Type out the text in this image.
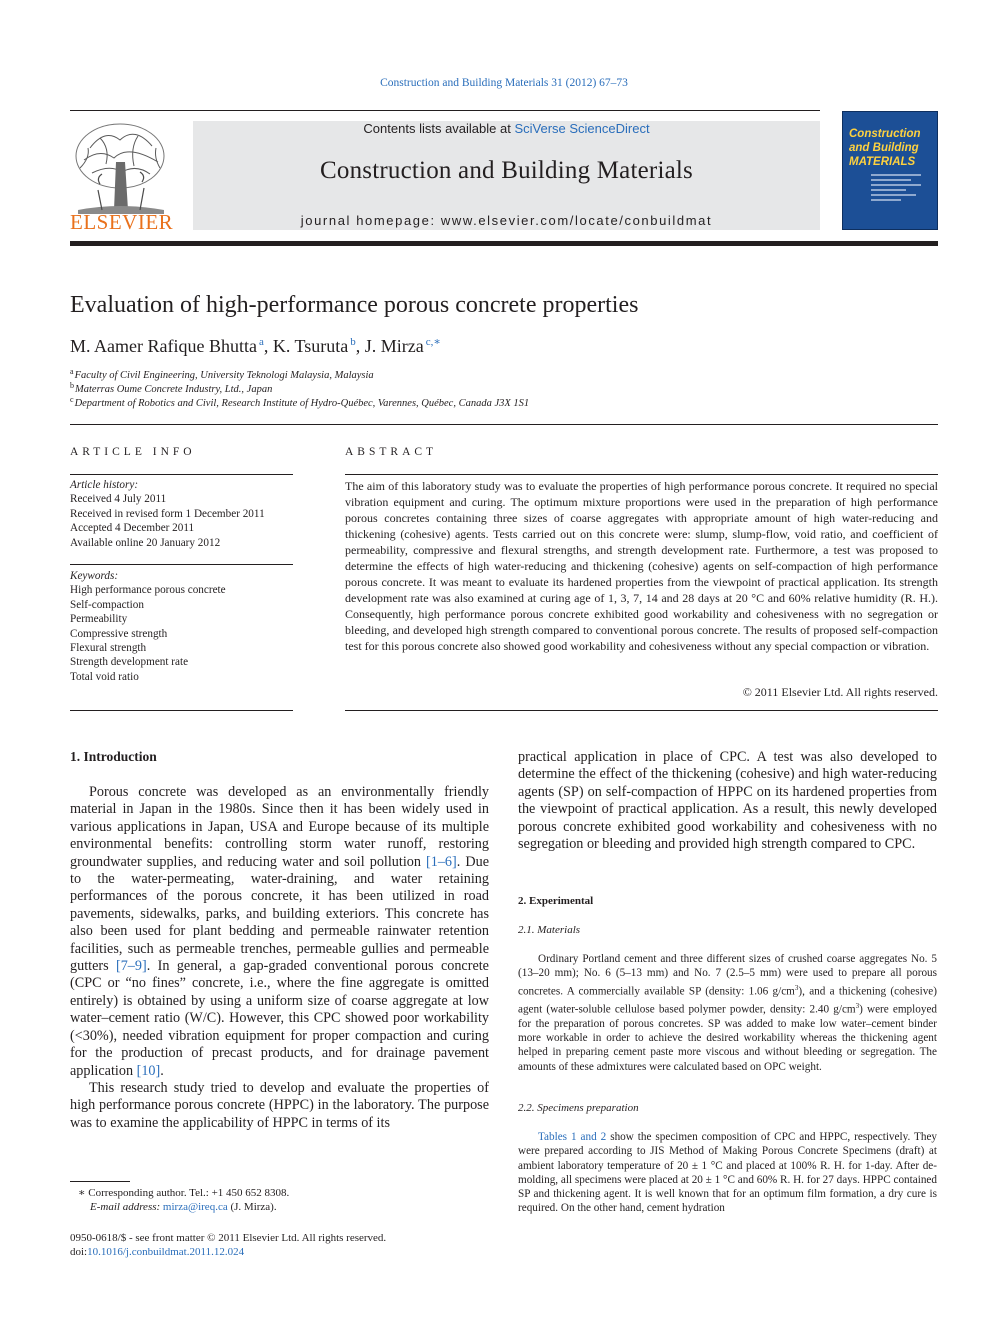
Construction and Building Materials 31 (2012) 67–73
ELSEVIER
Contents lists available at SciVerse ScienceDirect
Construction and Building Materials
journal homepage: www.elsevier.com/locate/conbuildmat
Construction
and Building
MATERIALS
Evaluation of high-performance porous concrete properties
M. Aamer Rafique Bhutta $^a$, K. Tsuruta $^b$, J. Mirza $^{c,∗}$
$^a$Faculty of Civil Engineering, University Teknologi Malaysia, Malaysia
$^b$Materras Oume Concrete Industry, Ltd., Japan
$^c$Department of Robotics and Civil, Research Institute of Hydro-Québec, Varennes, Québec, Canada J3X 1S1
ARTICLE INFO	ABSTRACT
Article history:
Received 4 July 2011
Received in revised form 1 December 2011
Accepted 4 December 2011
Available online 20 January 2012
Keywords:
High performance porous concrete
Self-compaction
Permeability
Compressive strength
Flexural strength
Strength development rate
Total void ratio
The aim of this laboratory study was to evaluate the properties of high performance porous concrete. It required no special vibration equipment and curing. The optimum mixture proportions were used in the preparation of high performance porous concretes containing three sizes of coarse aggregates with appropriate amount of high water-reducing and thickening (cohesive) agents. Tests carried out on this concrete were: slump, slump-flow, void ratio, and coefficient of permeability, compressive and flexural strengths, and strength development rate. Furthermore, a test was proposed to determine the effects of high water-reducing and thickening (cohesive) agents on self-compaction of high performance porous concrete. It was meant to evaluate its hardened properties from the viewpoint of practical application. Its strength development rate was also examined at curing age of 1, 3, 7, 14 and 28 days at 20 °C and 60% relative humidity (R. H.). Consequently, high performance porous concrete exhibited good workability and cohesiveness with no segregation or bleeding, and developed high strength compared to conventional porous concrete. The results of proposed self-compaction test for this porous concrete also showed good workability and cohesiveness without any special compaction or vibration.
© 2011 Elsevier Ltd. All rights reserved.
1. Introduction

Porous concrete was developed as an environmentally friendly material in Japan in the 1980s. Since then it has been widely used in various applications in Japan, USA and Europe because of its multiple environmental benefits: controlling storm water runoff, restoring groundwater supplies, and reducing water and soil pollution [1–6]. Due to the water-permeating, water-draining, and water retaining performances of the porous concrete, it has been utilized in road pavements, sidewalks, parks, and building exteriors. This concrete has also been used for plant bedding and permeable rainwater retention facilities, such as permeable trenches, permeable gullies and permeable gutters [7–9]. In general, a gap-graded conventional porous concrete (CPC or “no fines” concrete, i.e., where the fine aggregate is omitted entirely) is obtained by using a uniform size of coarse aggregate at low water–cement ratio (W/C). However, this CPC showed poor workability (<30%), needed vibration equipment for proper compaction and curing for the production of precast products, and for drainage pavement application [10].

This research study tried to develop and evaluate the properties of high performance porous concrete (HPPC) in the laboratory. The purpose was to examine the applicability of HPPC in terms of its

practical application in place of CPC. A test was also developed to determine the effect of the thickening (cohesive) and high water-reducing agents (SP) on self-compaction of HPPC on its hardened properties from the viewpoint of practical application. As a result, this newly developed porous concrete exhibited good workability and cohesiveness with no segregation or bleeding and provided high strength compared to CPC.
2. Experimental
2.1. Materials

Ordinary Portland cement and three different sizes of crushed coarse aggregates No. 5 (13–20 mm); No. 6 (5–13 mm) and No. 7 (2.5–5 mm) were used to prepare all porous concretes. A commercially available SP (density: 1.06 $g/cm^3$), and a thickening (cohesive) agent (water-soluble cellulose based polymer powder, density: 2.40 $g/cm^3$) were employed for the preparation of porous concretes. SP was added to make low water–cement binder more workable in order to achieve the desired workability whereas the thickening agent helped in preparing cement paste more viscous and without bleeding or segregation. The amounts of these admixtures were calculated based on OPC weight.

2.2. Specimens preparation

Tables 1 and 2 show the specimen composition of CPC and HPPC, respectively. They were prepared according to JIS Method of Making Porous Concrete Specimens (draft) at ambient laboratory temperature of 20 ± 1 °C and placed at 100% R. H. for 1-day. After de-molding, all specimens were placed at 20 ± 1 °C and 60% R. H. for 27 days. HPPC contained SP and thickening agent. It is well known that for an optimum film formation, a dry cure is required. On the other hand, cement hydration

∗ Corresponding author. Tel.: +1 450 652 8308.
E-mail address: mirza@ireq.ca (J. Mirza).
0950-0618/$ - see front matter © 2011 Elsevier Ltd. All rights reserved.
doi:10.1016/j.conbuildmat.2011.12.024
